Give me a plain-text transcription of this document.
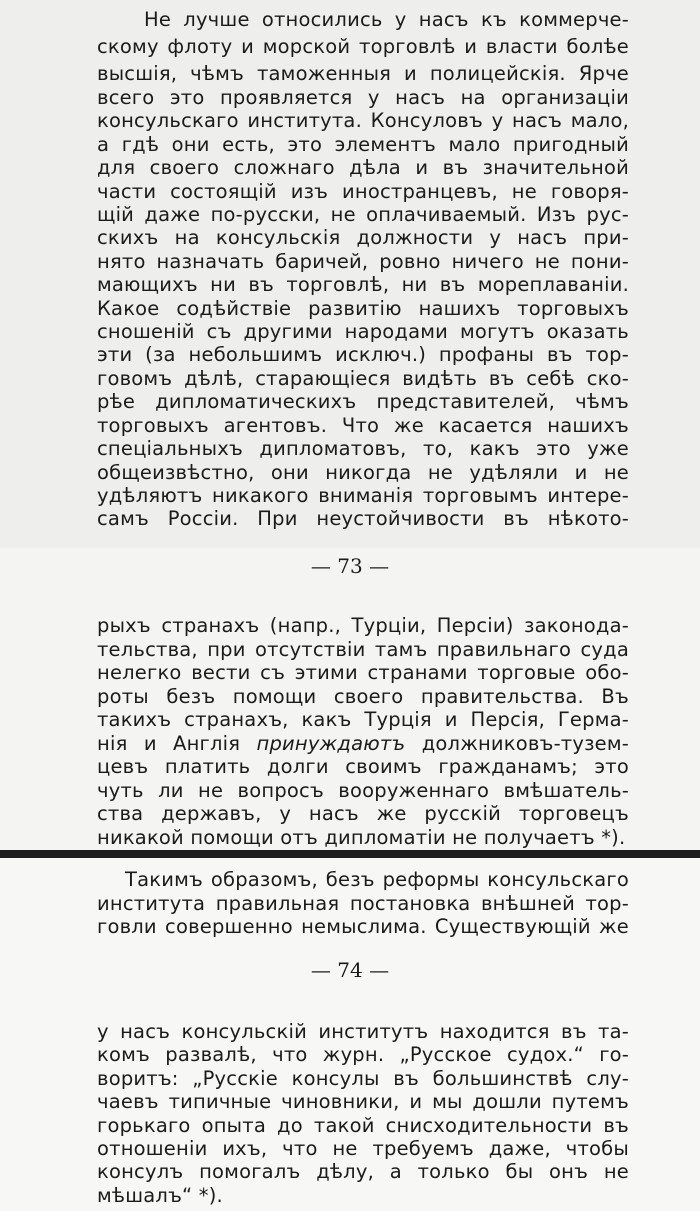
Не лучше относились у насъ къ коммерче-
скому флоту и морской торговлѣ и власти болѣе
высшія, чѣмъ таможенныя и полицейскія. Ярче
всего это проявляется у насъ на организаціи
консульскаго института. Консуловъ у насъ мало,
а гдѣ они есть, это элементъ мало пригодный
для своего сложнаго дѣла и въ значительной
части состоящій изъ иностранцевъ, не говоря-
щій даже по-русски, не оплачиваемый. Изъ рус-
скихъ на консульскія должности у насъ при-
нято назначать баричей, ровно ничего не пони-
мающихъ ни въ торговлѣ, ни въ мореплаваніи.
Какое содѣйствіе развитію нашихъ торговыхъ
сношеній съ другими народами могутъ оказать
эти (за небольшимъ исключ.) профаны въ тор-
говомъ дѣлѣ, старающіеся видѣть въ себѣ ско-
рѣе дипломатическихъ представителей, чѣмъ
торговыхъ агентовъ. Что же касается нашихъ
спеціальныхъ дипломатовъ, то, какъ это уже
общеизвѣстно, они никогда не удѣляли и не
удѣляютъ никакого вниманія торговымъ интере-
самъ Россіи. При неустойчивости въ нѣкото-
— 73 —
рыхъ странахъ (напр., Турціи, Персіи) законода-
тельства, при отсутствіи тамъ правильнаго суда
нелегко вести съ этими странами торговые обо-
роты безъ помощи своего правительства. Въ
такихъ странахъ, какъ Турція и Персія, Герма-
нія и Англія принуждаютъ должниковъ-тузем-
цевъ платить долги своимъ гражданамъ; это
чуть ли не вопросъ вооруженнаго вмѣшатель-
ства державъ, у насъ же русскій торговецъ
никакой помощи отъ дипломатіи не получаетъ *).
Такимъ образомъ, безъ реформы консульскаго
института правильная постановка внѣшней тор-
говли совершенно немыслима. Существующій же
— 74 —
у насъ консульскій институтъ находится въ та-
комъ развалѣ, что журн. „Русское судох.“ го-
воритъ: „Русскіе консулы въ большинствѣ слу-
чаевъ типичные чиновники, и мы дошли путемъ
горькаго опыта до такой снисходительности въ
отношеніи ихъ, что не требуемъ даже, чтобы
консулъ помогалъ дѣлу, а только бы онъ не
мѣшалъ“ *).
